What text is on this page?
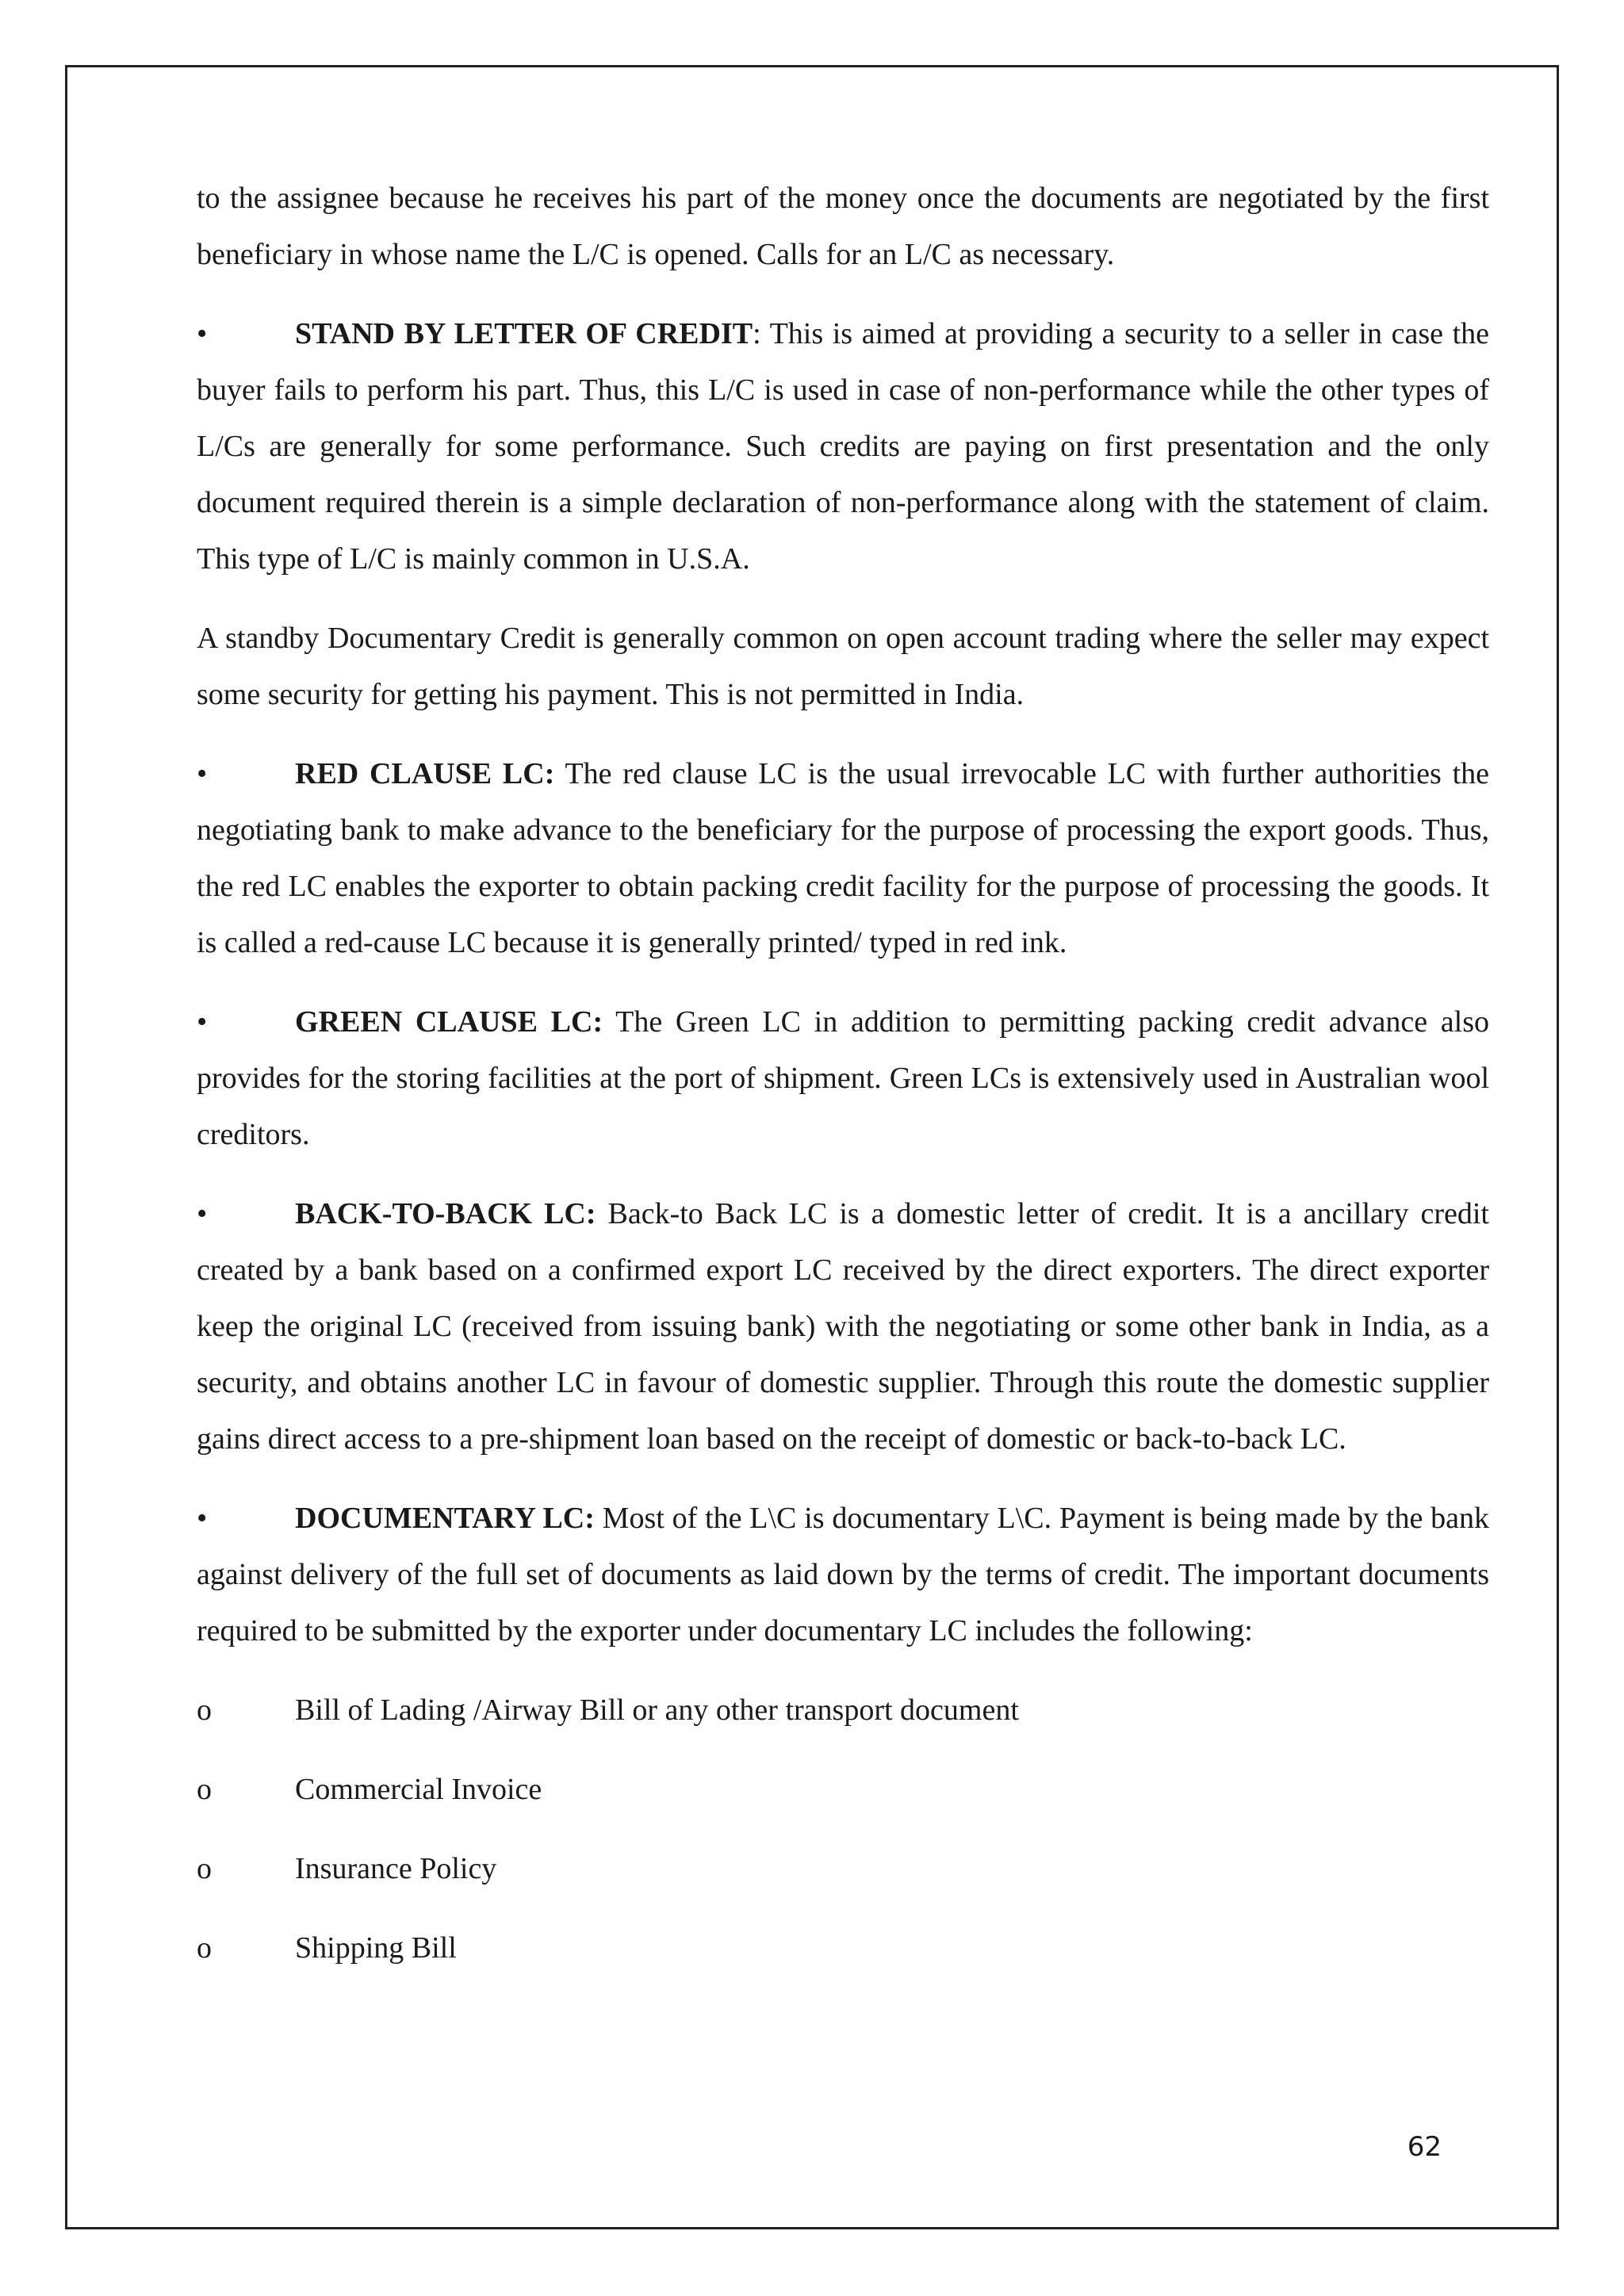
to the assignee because he receives his part of the money once the documents are negotiated by the first beneficiary in whose name the L/C is opened. Calls for an L/C as necessary.

•	STAND BY LETTER OF CREDIT: This is aimed at providing a security to a seller in case the buyer fails to perform his part. Thus, this L/C is used in case of non-performance while the other types of L/Cs are generally for some performance. Such credits are paying on first presentation and the only document required therein is a simple declaration of non-performance along with the statement of claim. This type of L/C is mainly common in U.S.A.

A standby Documentary Credit is generally common on open account trading where the seller may expect some security for getting his payment. This is not permitted in India.

•	RED CLAUSE LC: The red clause LC is the usual irrevocable LC with further authorities the negotiating bank to make advance to the beneficiary for the purpose of processing the export goods. Thus, the red LC enables the exporter to obtain packing credit facility for the purpose of processing the goods. It is called a red-cause LC because it is generally printed/ typed in red ink.

•	GREEN CLAUSE LC: The Green LC in addition to permitting packing credit advance also provides for the storing facilities at the port of shipment. Green LCs is extensively used in Australian wool creditors.

•	BACK-TO-BACK LC: Back-to Back LC is a domestic letter of credit. It is a ancillary credit created by a bank based on a confirmed export LC received by the direct exporters. The direct exporter keep the original LC (received from issuing bank) with the negotiating or some other bank in India, as a security, and obtains another LC in favour of domestic supplier. Through this route the domestic supplier gains direct access to a pre-shipment loan based on the receipt of domestic or back-to-back LC.

•	DOCUMENTARY LC: Most of the L\C is documentary L\C. Payment is being made by the bank against delivery of the full set of documents as laid down by the terms of credit. The important documents required to be submitted by the exporter under documentary LC includes the following:

o	Bill of Lading /Airway Bill or any other transport document
o	Commercial Invoice
o	Insurance Policy
o	Shipping Bill
62
